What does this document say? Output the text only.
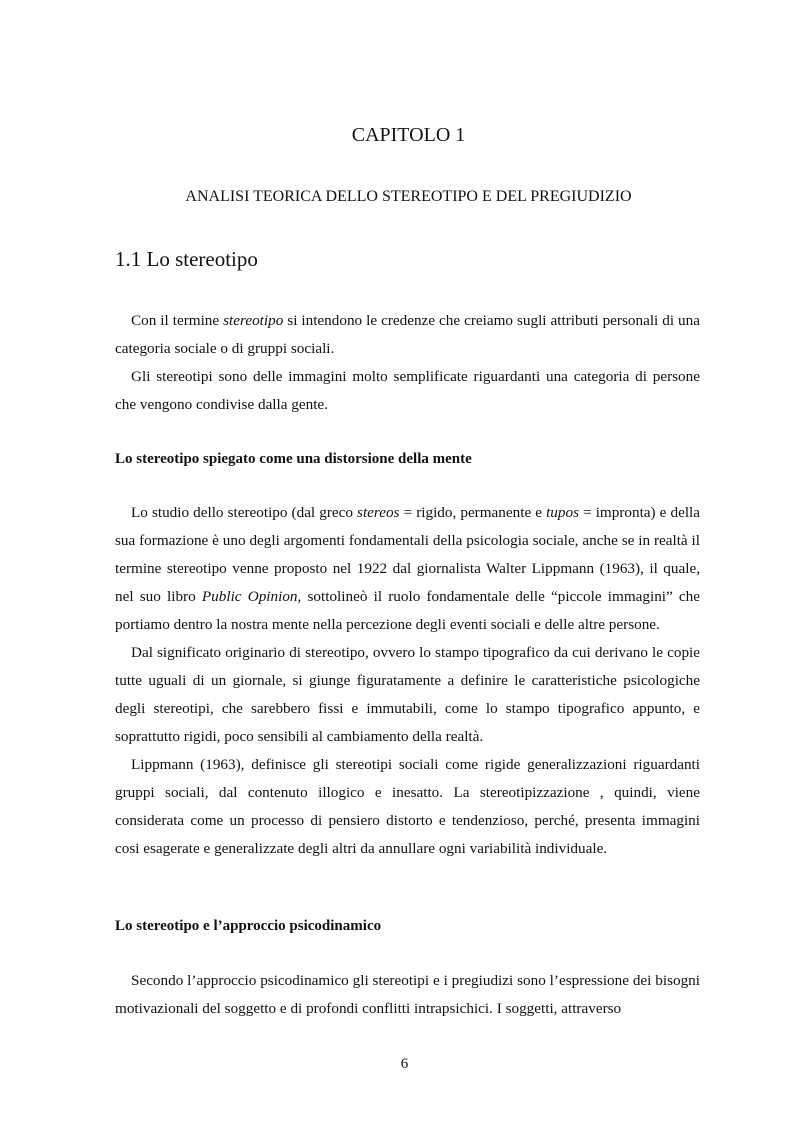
CAPITOLO 1
ANALISI TEORICA DELLO STEREOTIPO E DEL PREGIUDIZIO
1.1 Lo stereotipo

Con il termine stereotipo si intendono le credenze che creiamo sugli attributi personali di una categoria sociale o di gruppi sociali.

Gli stereotipi sono delle immagini molto semplificate riguardanti una categoria di persone che vengono condivise dalla gente.

Lo stereotipo spiegato come una distorsione della mente

Lo studio dello stereotipo (dal greco stereos = rigido, permanente e tupos = impronta) e della sua formazione è uno degli argomenti fondamentali della psicologia sociale, anche se in realtà il termine stereotipo venne proposto nel 1922 dal giornalista Walter Lippmann (1963), il quale, nel suo libro Public Opinion, sottolineò il ruolo fondamentale delle “piccole immagini” che portiamo dentro la nostra mente nella percezione degli eventi sociali e delle altre persone.

Dal significato originario di stereotipo, ovvero lo stampo tipografico da cui derivano le copie tutte uguali di un giornale, si giunge figuratamente a definire le caratteristiche psicologiche degli stereotipi, che sarebbero fissi e immutabili, come lo stampo tipografico appunto, e soprattutto rigidi, poco sensibili al cambiamento della realtà.

Lippmann (1963), definisce gli stereotipi sociali come rigide generalizzazioni riguardanti gruppi sociali, dal contenuto illogico e inesatto. La stereotipizzazione , quindi, viene considerata come un processo di pensiero distorto e tendenzioso, perché, presenta immagini cosi esagerate e generalizzate degli altri da annullare ogni variabilità individuale.

Lo stereotipo e l’approccio psicodinamico

Secondo l’approccio psicodinamico gli stereotipi e i pregiudizi sono l’espressione dei bisogni motivazionali del soggetto e di profondi conflitti intrapsichici. I soggetti, attraverso

6
